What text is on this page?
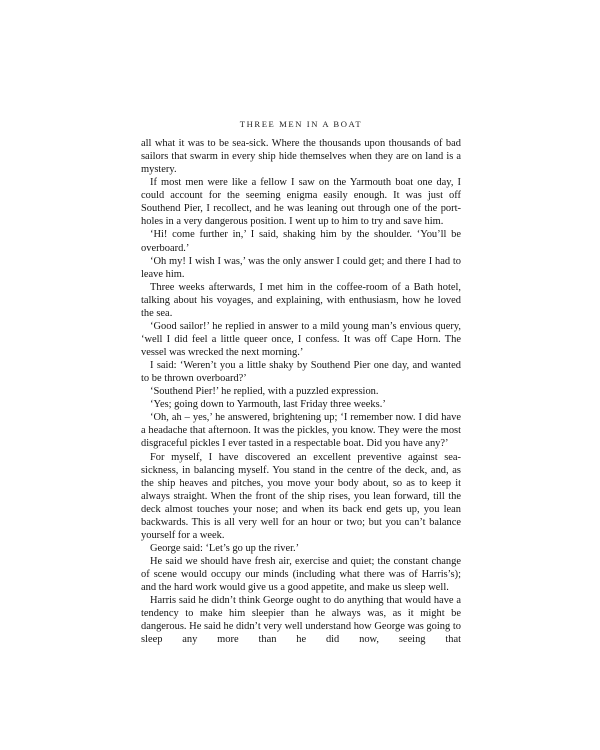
THREE MEN IN A BOAT

all what it was to be sea-sick. Where the thousands upon thousands of bad sailors that swarm in every ship hide themselves when they are on land is a mystery.

If most men were like a fellow I saw on the Yarmouth boat one day, I could account for the seeming enigma easily enough. It was just off Southend Pier, I recollect, and he was leaning out through one of the port-holes in a very dangerous position. I went up to him to try and save him.

‘Hi! come further in,’ I said, shaking him by the shoulder. ‘You’ll be overboard.’

‘Oh my! I wish I was,’ was the only answer I could get; and there I had to leave him.

Three weeks afterwards, I met him in the coffee-room of a Bath hotel, talking about his voyages, and explaining, with enthusiasm, how he loved the sea.

‘Good sailor!’ he replied in answer to a mild young man’s envious query, ‘well I did feel a little queer once, I confess. It was off Cape Horn. The vessel was wrecked the next morning.’

I said: ‘Weren’t you a little shaky by Southend Pier one day, and wanted to be thrown overboard?’

‘Southend Pier!’ he replied, with a puzzled expression.

‘Yes; going down to Yarmouth, last Friday three weeks.’

‘Oh, ah – yes,’ he answered, brightening up; ‘I remember now. I did have a headache that afternoon. It was the pickles, you know. They were the most disgraceful pickles I ever tasted in a respectable boat. Did you have any?’

For myself, I have discovered an excellent preventive against sea-sickness, in balancing myself. You stand in the centre of the deck, and, as the ship heaves and pitches, you move your body about, so as to keep it always straight. When the front of the ship rises, you lean forward, till the deck almost touches your nose; and when its back end gets up, you lean backwards. This is all very well for an hour or two; but you can’t balance yourself for a week.

George said: ‘Let’s go up the river.’

He said we should have fresh air, exercise and quiet; the constant change of scene would occupy our minds (including what there was of Harris’s); and the hard work would give us a good appetite, and make us sleep well.

Harris said he didn’t think George ought to do anything that would have a tendency to make him sleepier than he always was, as it might be dangerous. He said he didn’t very well understand how George was going to sleep any more than he did now, seeing that
